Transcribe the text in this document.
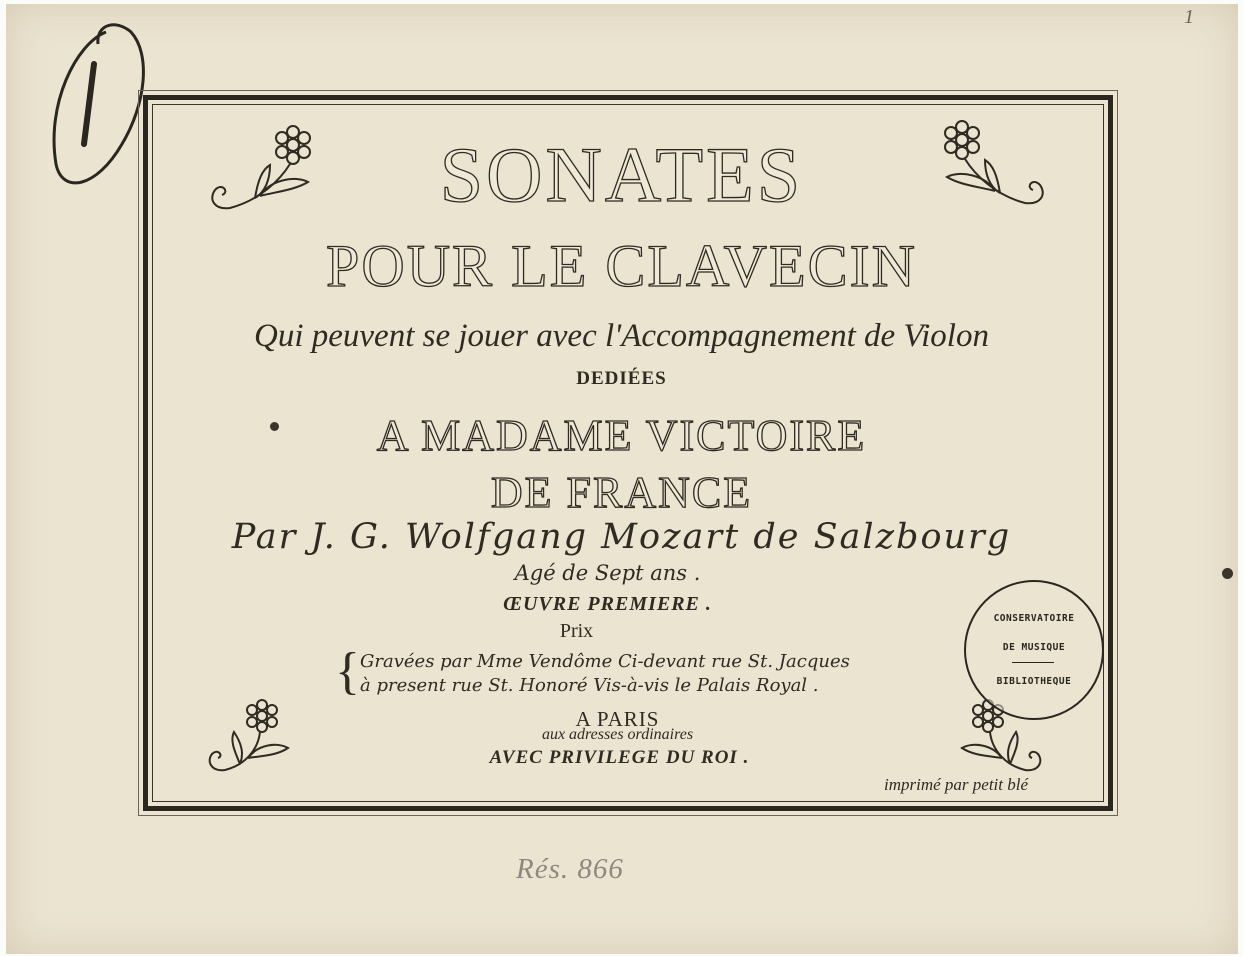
1
SONATES
POUR LE CLAVECIN
Qui peuvent se jouer avec l'Accompagnement de Violon
DEDIÉES
A MADAME VICTOIRE
DE FRANCE
Par J. G. Wolfgang Mozart de Salzbourg
Agé de Sept ans .
ŒUVRE PREMIERE .
Prix
{ Gravées par Mme Vendôme Ci-devant rue St. Jacques
à present rue St. Honoré Vis-à-vis le Palais Royal .
A PARIS
aux adresses ordinaires
AVEC PRIVILEGE DU ROI .
imprimé par petit blé
CONSERVATOIRE
DE MUSIQUE
BIBLIOTHEQUE
Rés. 866
